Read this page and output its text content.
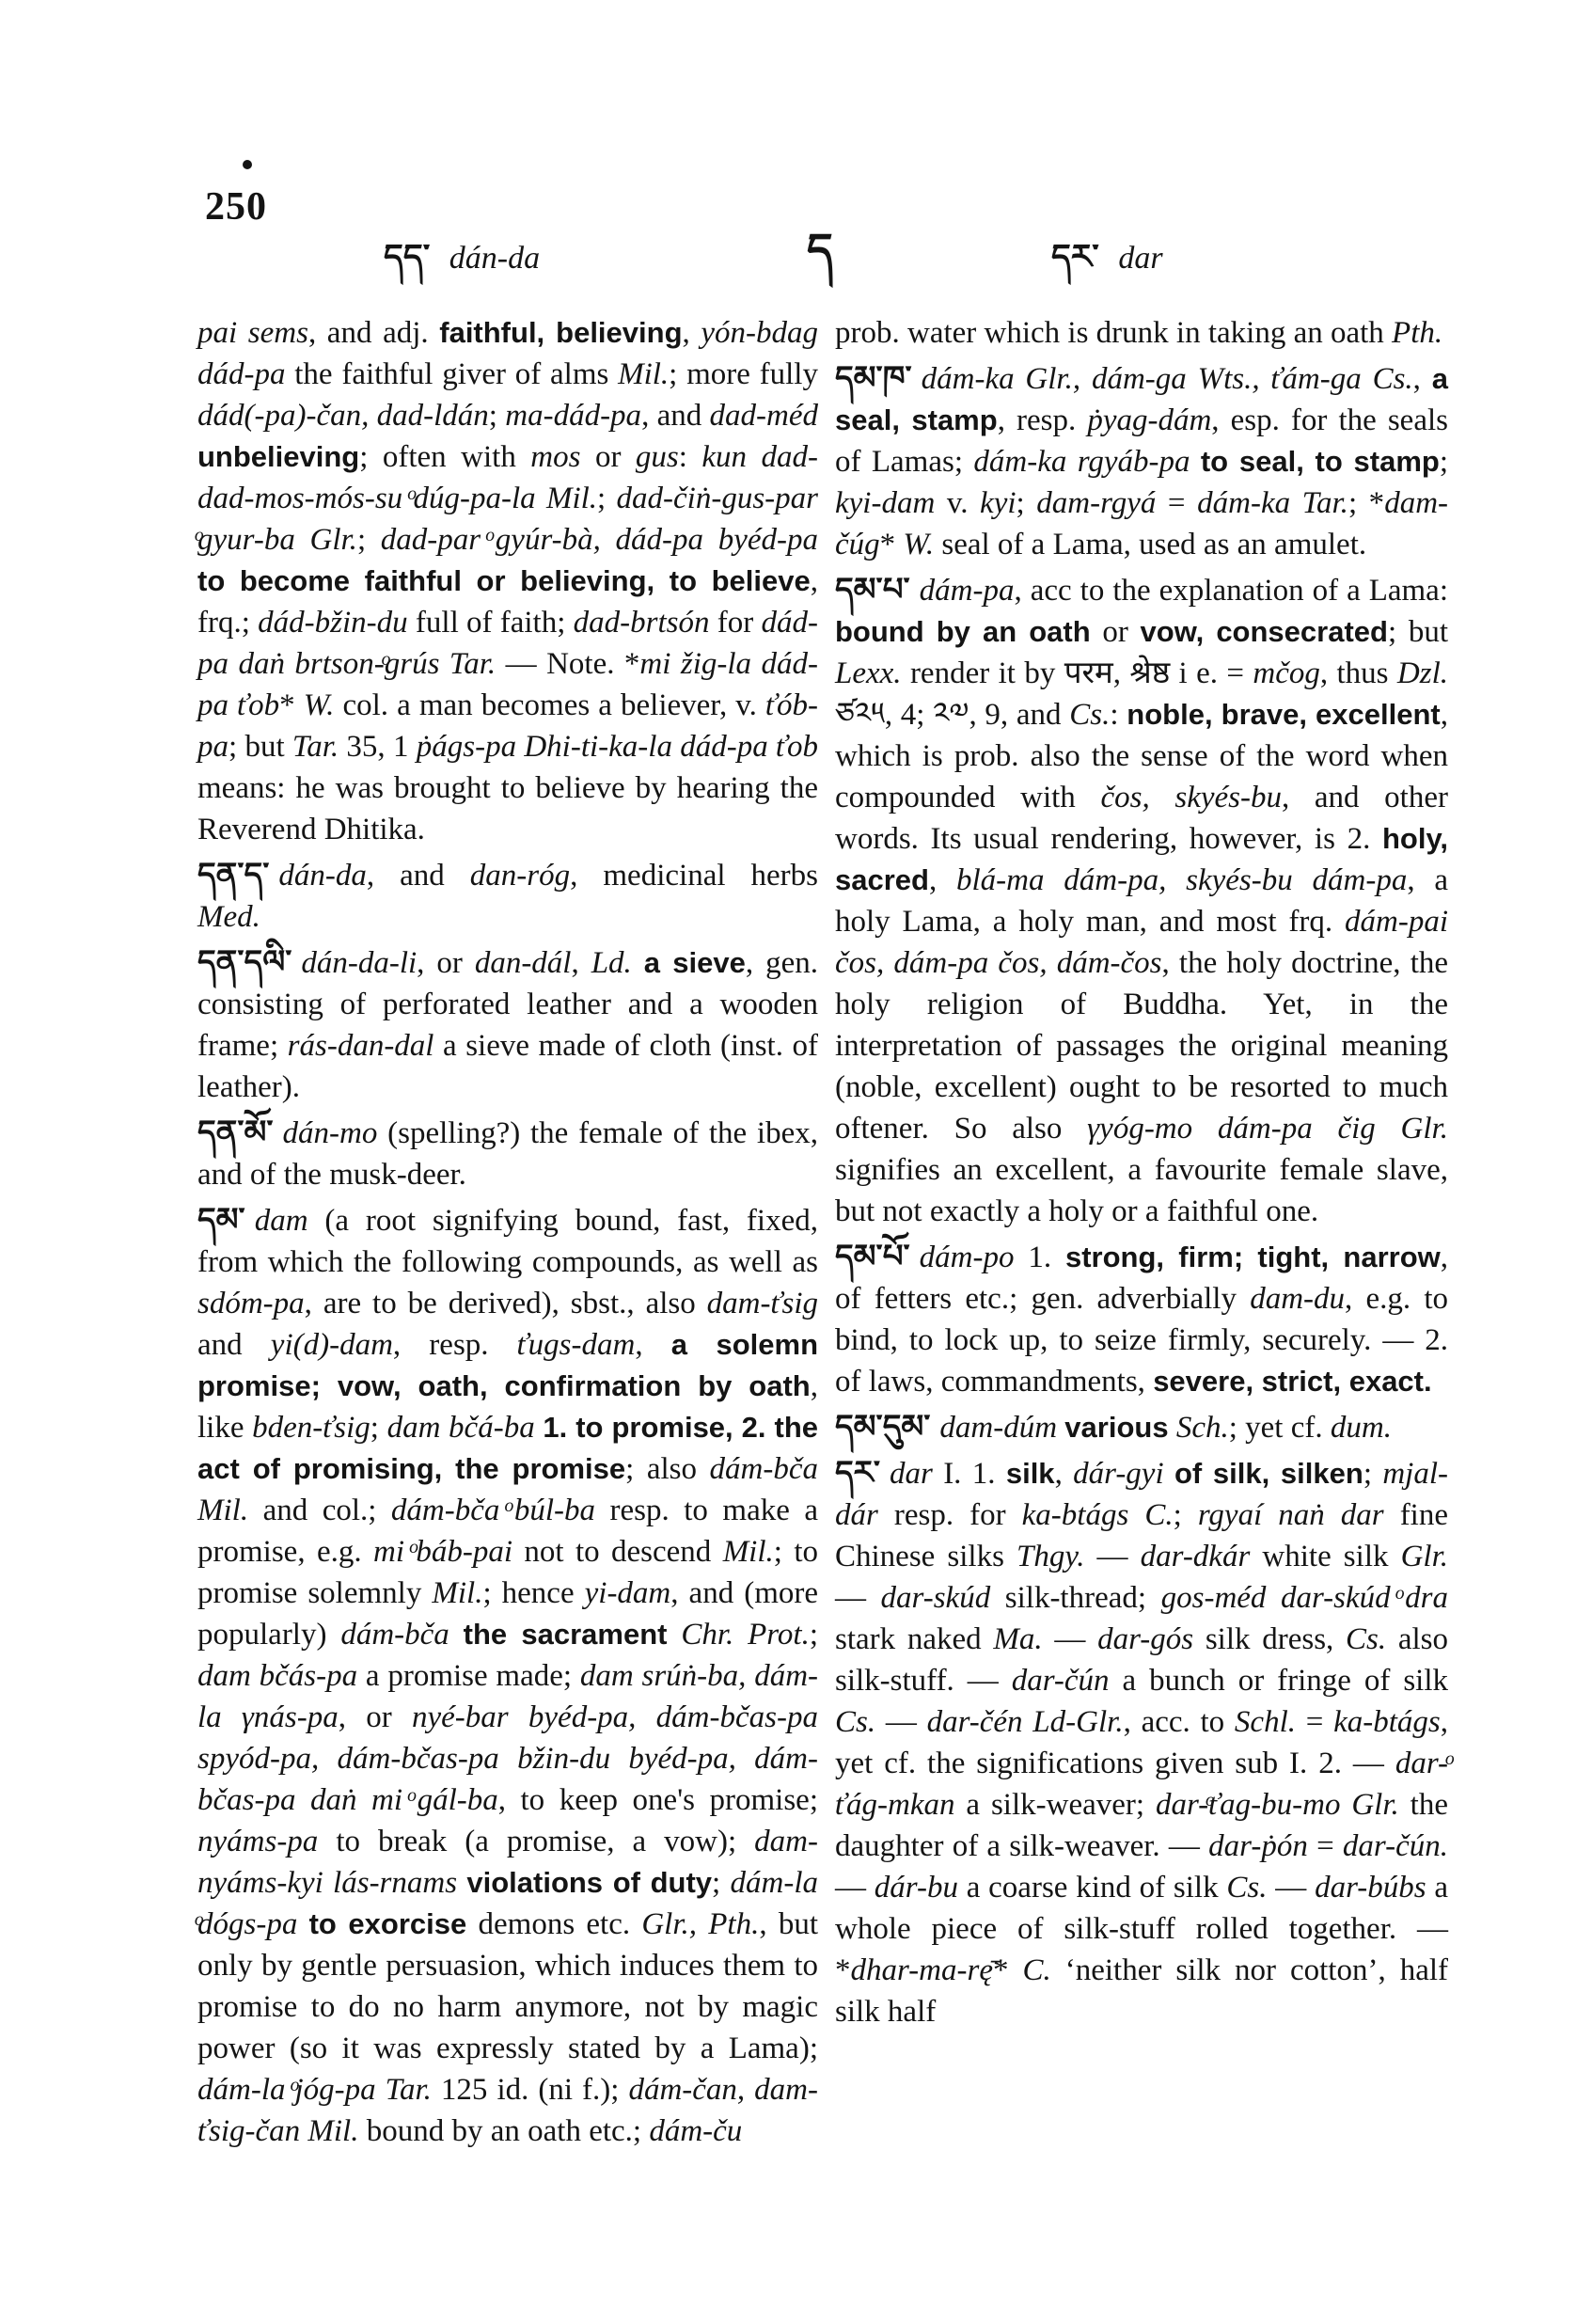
250
དད་ dán-da	ད	དར་ dar

pai sems, and adj. faithful, believing, yón-bdag dád-pa the faithful giver of alms Mil.; more fully dád(-pa)-čan, dad-ldán; ma-dád-pa, and dad-méd unbelieving; often with mos or gus: kun dad-dad-mos-mós-su ͦdúg-pa-la Mil.; dad-čiṅ-gus-par ͦgyur-ba Glr.; dad-par ͦgyúr-bà, dád-pa byéd-pa to become faithful or believing, to believe, frq.; dád-bžin-du full of faith; dad-brtsón for dád-pa daṅ brtson-ͦgrús Tar. — Note. *mi žig-la dád-pa ťob* W. col. a man becomes a believer, v. ťób-pa; but Tar. 35, 1 ṗágs-pa Dhi-ti-ka-la dád-pa ťob means: he was brought to believe by hearing the Reverend Dhitika.

དན་ད་ dán-da, and dan-róg, medicinal herbs Med.

དན་དལི་ dán-da-li, or dan-dál, Ld. a sieve, gen. consisting of perforated leather and a wooden frame; rás-dan-dal a sieve made of cloth (inst. of leather).

དན་མོ་ dán-mo (spelling?) the female of the ibex, and of the musk-deer.

དམ་ dam (a root signifying bound, fast, fixed, from which the following compounds, as well as sdóm-pa, are to be derived), sbst., also dam-ťsig and yi(d)-dam, resp. ťugs-dam, a solemn promise; vow, oath, confirmation by oath, like bden-ťsig; dam bčá-ba 1. to promise, 2. the act of promising, the promise; also dám-bča Mil. and col.; dám-bča ͦbúl-ba resp. to make a promise, e.g. mi ͦbáb-pai not to descend Mil.; to promise solemnly Mil.; hence yi-dam, and (more popularly) dám-bča the sacrament Chr. Prot.; dam bčás-pa a promise made; dam srúṅ-ba, dám-la γnás-pa, or nyé-bar byéd-pa, dám-bčas-pa spyód-pa, dám-bčas-pa bžin-du byéd-pa, dám-bčas-pa daṅ mi ͦgál-ba, to keep one's promise; nyáms-pa to break (a promise, a vow); dam-nyáms-kyi lás-rnams violations of duty; dám-la ͦdógs-pa to exorcise demons etc. Glr., Pth., but only by gentle persuasion, which induces them to promise to do no harm anymore, not by magic power (so it was expressly stated by a Lama); dám-la ͦjóg-pa Tar. 125 id. (ni f.); dám-čan, dam-ťsig-čan Mil. bound by an oath etc.; dám-ču

prob. water which is drunk in taking an oath Pth.

དམ་ཁ་ dám-ka Glr., dám-ga Wts., ťám-ga Cs., a seal, stamp, resp. ṗyag-dám, esp. for the seals of Lamas; dám-ka rgyáb-pa to seal, to stamp; kyi-dam v. kyi; dam-rgyá = dám-ka Tar.; *dam-čúg* W. seal of a Lama, used as an amulet.

དམ་པ་ dám-pa, acc to the explanation of a Lama: bound by an oath or vow, consecrated; but Lexx. render it by परम, श्रेष्ठ i e. = mčog, thus Dzl. ཙ༢༥, 4; ༢༧, 9, and Cs.: noble, brave, excellent, which is prob. also the sense of the word when compounded with čos, skyés-bu, and other words. Its usual rendering, however, is 2. holy, sacred, blá-ma dám-pa, skyés-bu dám-pa, a holy Lama, a holy man, and most frq. dám-pai čos, dám-pa čos, dám-čos, the holy doctrine, the holy religion of Buddha. Yet, in the interpretation of passages the original meaning (noble, excellent) ought to be resorted to much oftener. So also γyóg-mo dám-pa čig Glr. signifies an excellent, a favourite female slave, but not exactly a holy or a faithful one.

དམ་པོ་ dám-po 1. strong, firm; tight, narrow, of fetters etc.; gen. adverbially dam-du, e.g. to bind, to lock up, to seize firmly, securely. — 2. of laws, commandments, severe, strict, exact.

དམ་དུམ་ dam-dúm various Sch.; yet cf. dum.

དར་ dar I. 1. silk, dár-gyi of silk, silken; mjal-dár resp. for ka-btágs C.; rgyaí naṅ dar fine Chinese silks Thgy. — dar-dkár white silk Glr. — dar-skúd silk-thread; gos-méd dar-skúd ͦdra stark naked Ma. — dar-gós silk dress, Cs. also silk-stuff. — dar-čún a bunch or fringe of silk Cs. — dar-čén Ld-Glr., acc. to Schl. = ka-btágs, yet cf. the significations given sub I. 2. — dar-ͦťág-mkan a silk-weaver; dar-ͦťag-bu-mo Glr. the daughter of a silk-weaver. — dar-ṗón = dar-čún. — dár-bu a coarse kind of silk Cs. — dar-búbs a whole piece of silk-stuff rolled together. — *dhar-ma-rę̄* C. ‘neither silk nor cotton’, half silk half
